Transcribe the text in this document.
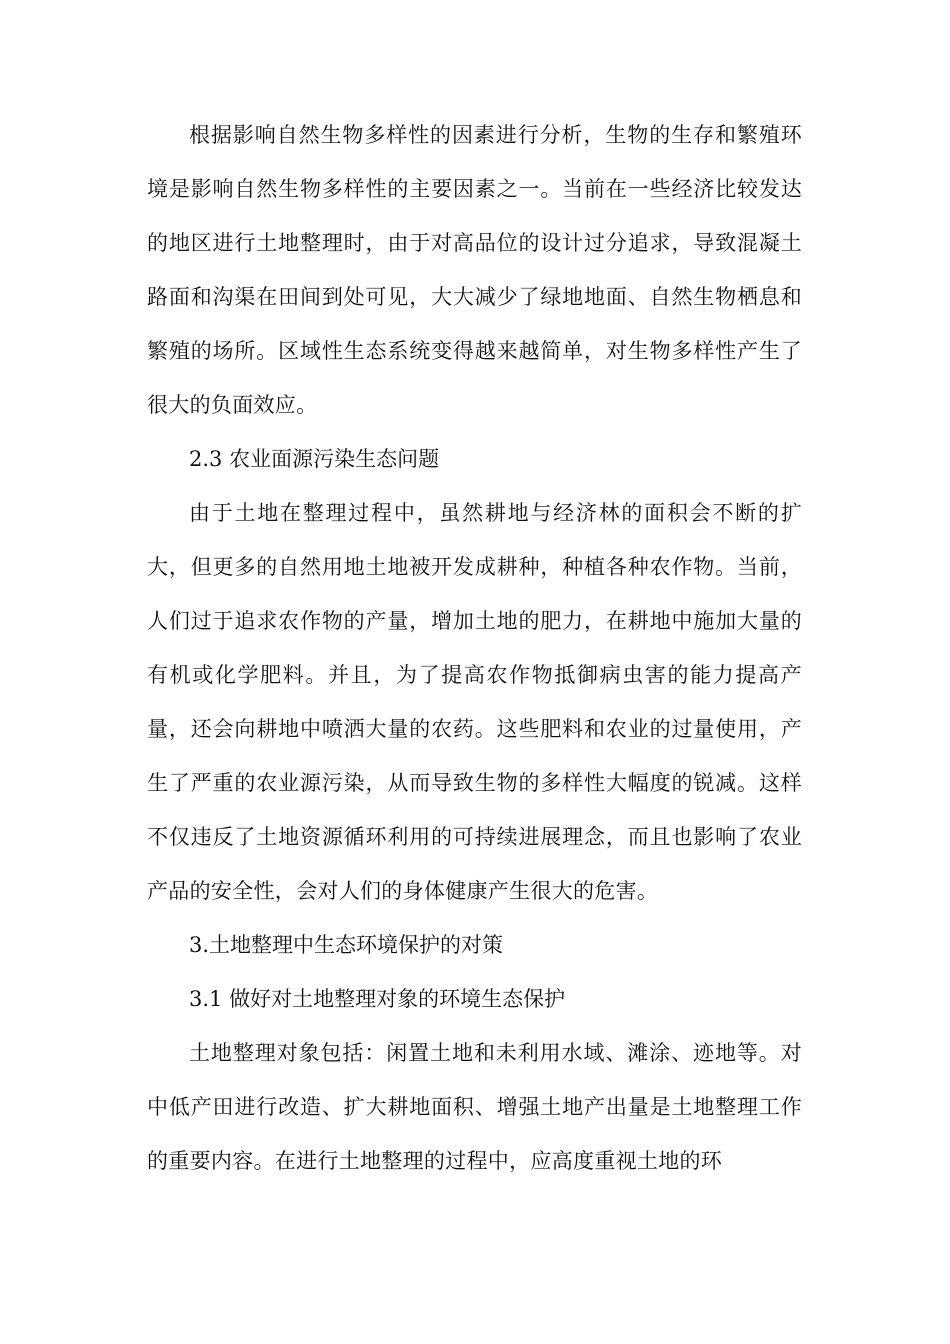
根据影响自然生物多样性的因素进行分析，生物的生存和繁殖环境是影响自然生物多样性的主要因素之一。当前在一些经济比较发达的地区进行土地整理时，由于对高品位的设计过分追求，导致混凝土路面和沟渠在田间到处可见，大大减少了绿地地面、自然生物栖息和繁殖的场所。区域性生态系统变得越来越简单，对生物多样性产生了很大的负面效应。

2.3 农业面源污染生态问题

由于土地在整理过程中，虽然耕地与经济林的面积会不断的扩大，但更多的自然用地土地被开发成耕种，种植各种农作物。当前，人们过于追求农作物的产量，增加土地的肥力，在耕地中施加大量的有机或化学肥料。并且，为了提高农作物抵御病虫害的能力提高产量，还会向耕地中喷洒大量的农药。这些肥料和农业的过量使用，产生了严重的农业源污染，从而导致生物的多样性大幅度的锐减。这样不仅违反了土地资源循环利用的可持续进展理念，而且也影响了农业产品的安全性，会对人们的身体健康产生很大的危害。

3.土地整理中生态环境保护的对策

3.1 做好对土地整理对象的环境生态保护

土地整理对象包括：闲置土地和未利用水域、滩涂、迹地等。对中低产田进行改造、扩大耕地面积、增强土地产出量是土地整理工作的重要内容。在进行土地整理的过程中，应高度重视土地的环
